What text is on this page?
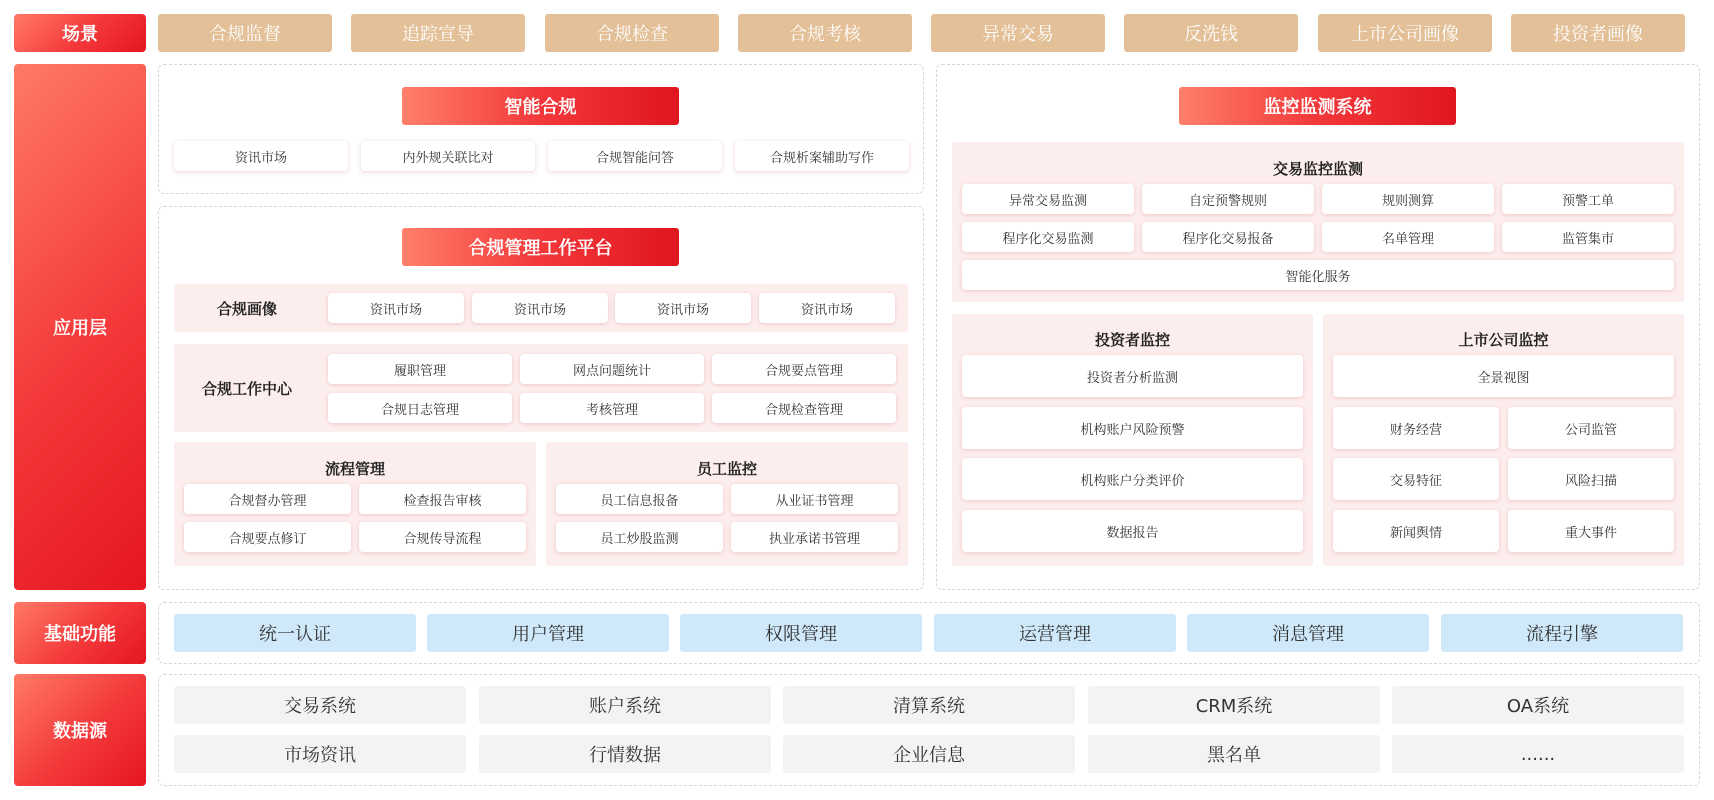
场景
应用层
基础功能
数据源
合规监督	追踪宣导	合规检查	合规考核	异常交易	反洗钱	上市公司画像	投资者画像
智能合规
资讯市场	内外规关联比对	合规智能问答	合规析案辅助写作
合规管理工作平台
合规画像	资讯市场	资讯市场	资讯市场	资讯市场
合规工作中心
履职管理	网点问题统计	合规要点管理
合规日志管理	考核管理	合规检查管理
流程管理
合规督办管理	检查报告审核
合规要点修订	合规传导流程
员工监控
员工信息报备	从业证书管理
员工炒股监测	执业承诺书管理
监控监测系统
交易监控监测
异常交易监测	自定预警规则	规则测算	预警工单
程序化交易监测	程序化交易报备	名单管理	监管集市
智能化服务
投资者监控
投资者分析监测
机构账户风险预警
机构账户分类评价
数据报告
上市公司监控
全景视图
财务经营	公司监管
交易特征	风险扫描
新闻舆情	重大事件
统一认证	用户管理	权限管理	运营管理	消息管理	流程引擎
交易系统	账户系统	清算系统	CRM系统	OA系统
市场资讯	行情数据	企业信息	黑名单	......
